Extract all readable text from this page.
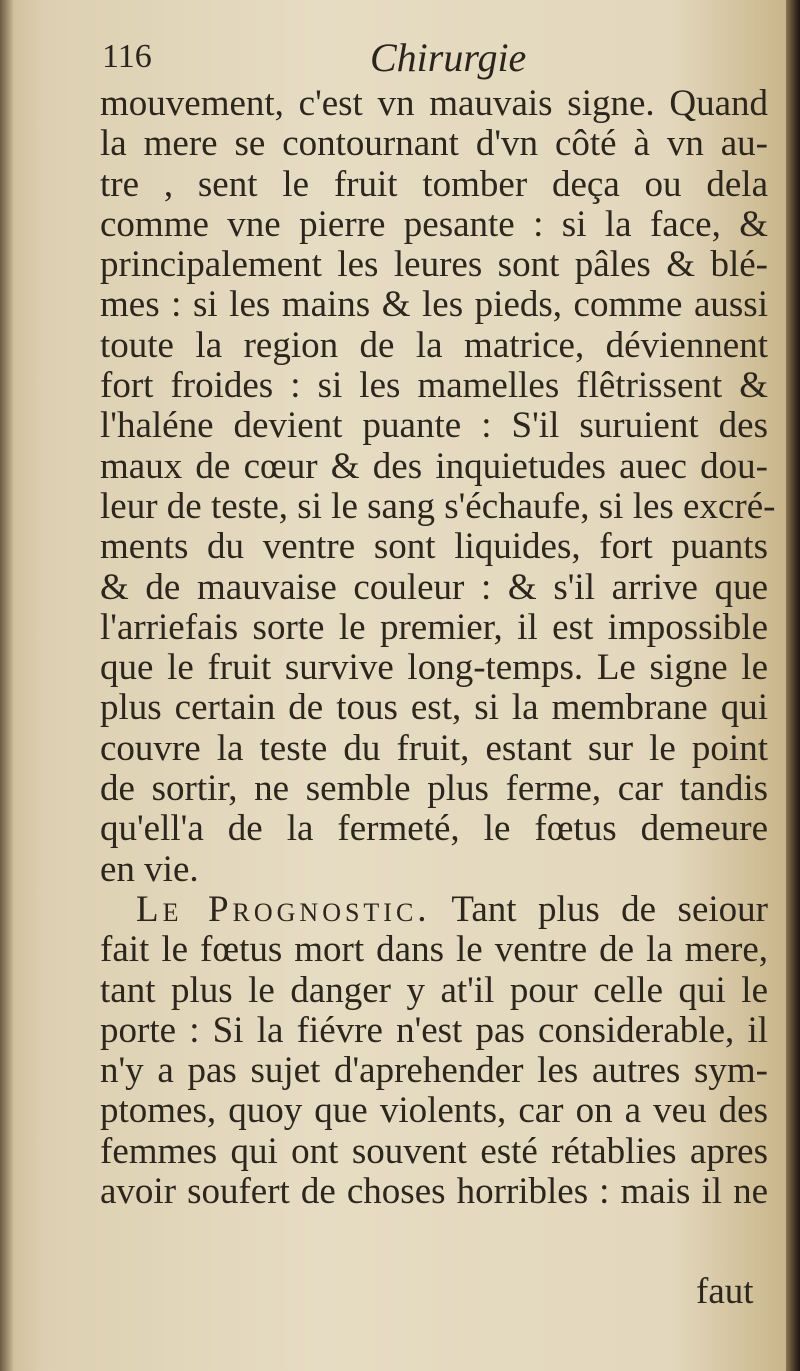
116	Chirurgie
mouvement, c'est vn mauvais signe. Quand
la mere se contournant d'vn côté à vn au-
tre , sent le fruit tomber deça ou dela
comme vne pierre pesante : si la face, &
principalement les leures sont pâles & blé-
mes : si les mains & les pieds, comme aussi
toute la region de la matrice, déviennent
fort froides : si les mamelles flêtrissent &
l'haléne devient puante : S'il suruient des
maux de cœur & des inquietudes auec dou-
leur de teste, si le sang s'échaufe, si les excré-
ments du ventre sont liquides, fort puants
& de mauvaise couleur : & s'il arrive que
l'arriefais sorte le premier, il est impossible
que le fruit survive long-temps. Le signe le
plus certain de tous est, si la membrane qui
couvre la teste du fruit, estant sur le point
de sortir, ne semble plus ferme, car tandis
qu'ell'a de la fermeté, le fœtus demeure
en vie.
Le Prognostic. Tant plus de seiour
fait le fœtus mort dans le ventre de la mere,
tant plus le danger y at'il pour celle qui le
porte : Si la fiévre n'est pas considerable, il
n'y a pas sujet d'aprehender les autres sym-
ptomes, quoy que violents, car on a veu des
femmes qui ont souvent esté rétablies apres
avoir soufert de choses horribles : mais il ne
faut
